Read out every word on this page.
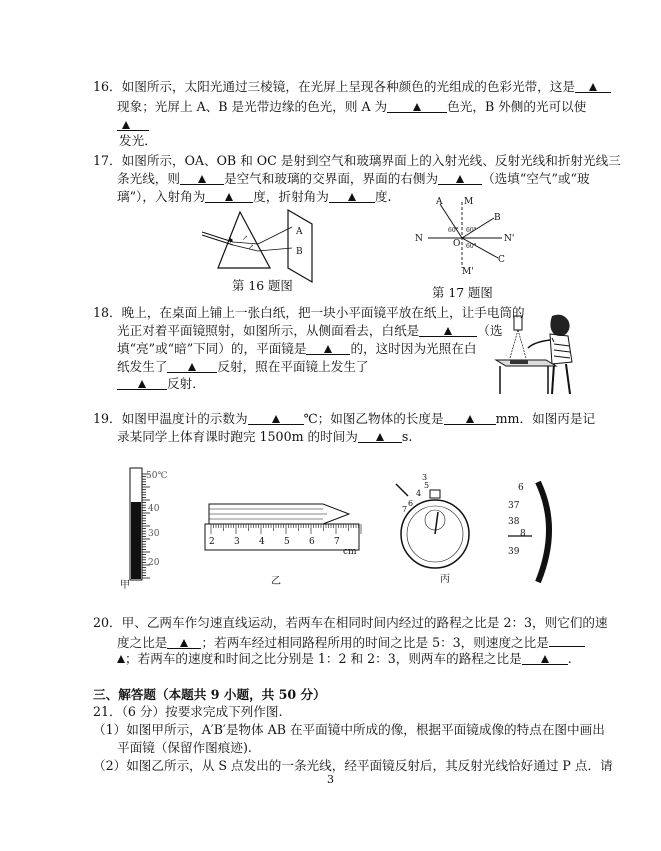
16．如图所示，太阳光通过三棱镜，在光屏上呈现各种颜色的光组成的色彩光带，这是
现象；光屏上 A、B 是光带边缘的色光，则 A 为	色光，B 外侧的光可以使
发光．
17．如图所示，OA、OB 和 OC 是射到空气和玻璃界面上的入射光线、反射光线和折射光线三
条光线，则	是空气和玻璃的交界面，界面的右侧为	（选填“空气”或“玻
璃”），入射角为	度，折射角为	度.
↗
↗
A
B
第 16 题图
A M
B
N	O	N'
C
M'
60° 60°
60°
第 17 题图
18．晚上，在桌面上铺上一张白纸，把一块小平面镜平放在纸上，让手电筒的
光正对着平面镜照射，如图所示，从侧面看去，白纸是	（选
填“亮”或“暗”下同）的，平面镜是	的，这时因为光照在白
纸发生了	反射，照在平面镜上发生了
反射．
19．如图甲温度计的示数为	℃；如图乙物体的长度是	mm．如图丙是记
录某同学上体育课时跑完 1500m 的时间为	s.
50℃
40
30
20
甲
2 3 4 5 6 7
cm
乙
5
4
3
6
7
丙
6
37
38
8
39
20．甲、乙两车作匀速直线运动，若两车在相同时间内经过的路程之比是 2：3，则它们的速
度之比是	；若两车经过相同路程所用的时间之比是 5：3，则速度之比是
；若两车的速度和时间之比分别是 1：2 和 2：3，则两车的路程之比是	.
三、解答题（本题共 9 小题，共 50 分）
21．（6 分）按要求完成下列作图.
（1）如图甲所示，A′B′是物体 AB 在平面镜中所成的像，根据平面镜成像的特点在图中画出
平面镜（保留作图痕迹).
（2）如图乙所示，从 S 点发出的一条光线，经平面镜反射后，其反射光线恰好通过 P 点．请
3
